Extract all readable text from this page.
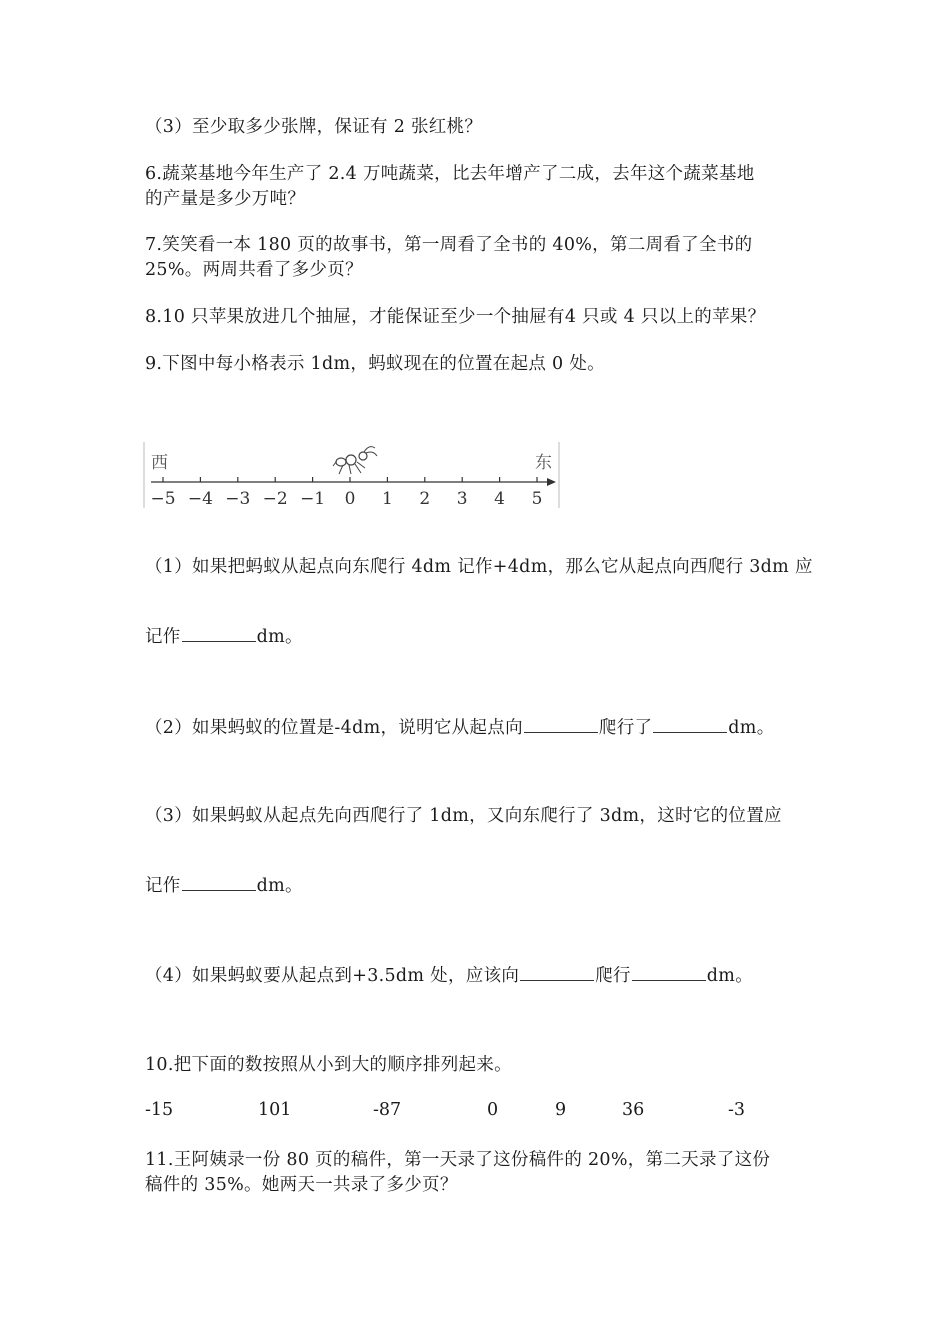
（3）至少取多少张牌，保证有 2 张红桃？
6.蔬菜基地今年生产了 2.4 万吨蔬菜，比去年增产了二成，去年这个蔬菜基地
的产量是多少万吨？
7.笑笑看一本 180 页的故事书，第一周看了全书的 40%，第二周看了全书的
25%。两周共看了多少页？
8.10 只苹果放进几个抽屉，才能保证至少一个抽屉有4 只或 4 只以上的苹果？
9.下图中每小格表示 1dm，蚂蚁现在的位置在起点 0 处。
西	东
−5 −4 −3 −2 −1 0 1 2 3 4 5
（1）如果把蚂蚁从起点向东爬行 4dm 记作+4dm，那么它从起点向西爬行 3dm 应
记作	dm。
（2）如果蚂蚁的位置是-4dm，说明它从起点向	爬行了	dm。
（3）如果蚂蚁从起点先向西爬行了 1dm，又向东爬行了 3dm，这时它的位置应
记作	dm。
（4）如果蚂蚁要从起点到+3.5dm 处，应该向	爬行	dm。
10.把下面的数按照从小到大的顺序排列起来。
-15	101	-87	0	9	36	-3
11.王阿姨录一份 80 页的稿件，第一天录了这份稿件的 20%，第二天录了这份
稿件的 35%。她两天一共录了多少页？
